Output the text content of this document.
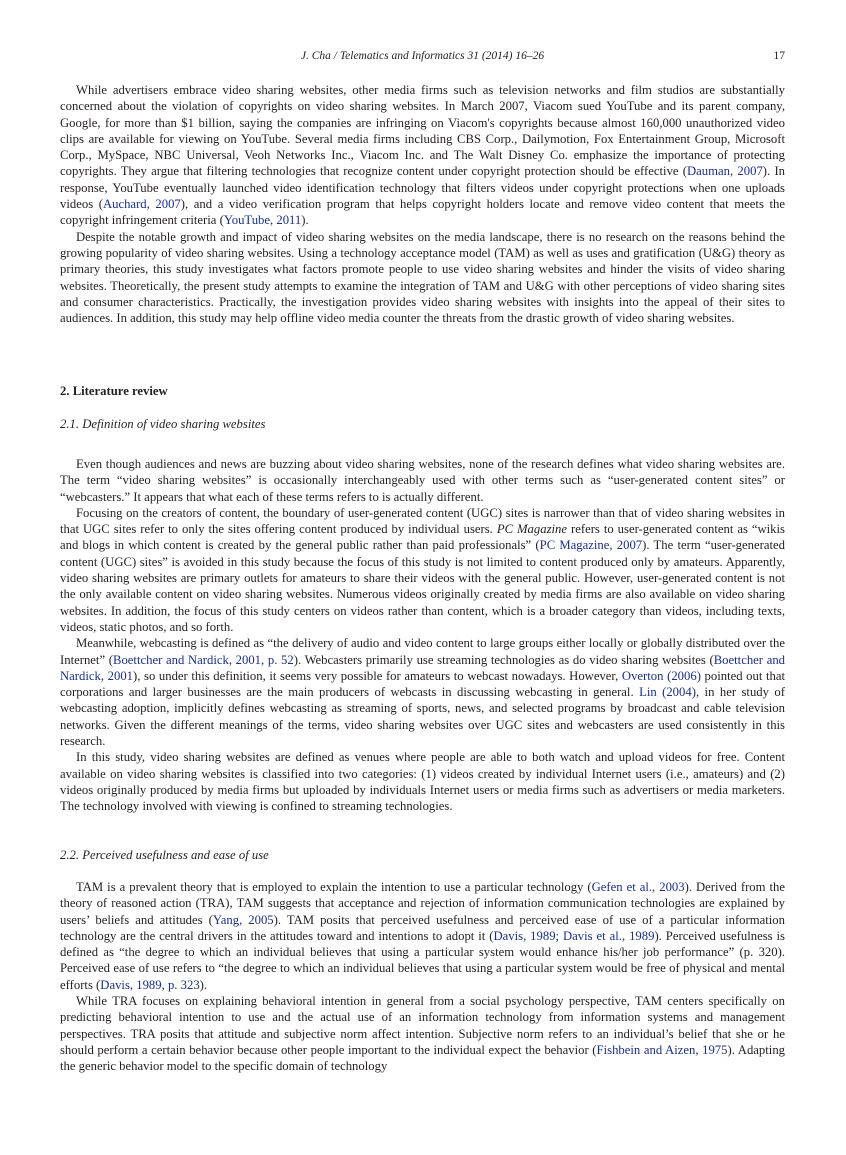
J. Cha / Telematics and Informatics 31 (2014) 16–26	17

While advertisers embrace video sharing websites, other media firms such as television networks and film studios are substantially concerned about the violation of copyrights on video sharing websites. In March 2007, Viacom sued YouTube and its parent company, Google, for more than $1 billion, saying the companies are infringing on Viacom's copyrights because almost 160,000 unauthorized video clips are available for viewing on YouTube. Several media firms including CBS Corp., Dailymotion, Fox Entertainment Group, Microsoft Corp., MySpace, NBC Universal, Veoh Networks Inc., Viacom Inc. and The Walt Disney Co. emphasize the importance of protecting copyrights. They argue that filtering technologies that recognize content under copyright protection should be effective (Dauman, 2007). In response, YouTube eventually launched video identification technology that filters videos under copyright protections when one uploads videos (Auchard, 2007), and a video verification program that helps copyright holders locate and remove video content that meets the copyright infringement criteria (YouTube, 2011).

Despite the notable growth and impact of video sharing websites on the media landscape, there is no research on the reasons behind the growing popularity of video sharing websites. Using a technology acceptance model (TAM) as well as uses and gratification (U&G) theory as primary theories, this study investigates what factors promote people to use video sharing websites and hinder the visits of video sharing websites. Theoretically, the present study attempts to examine the integration of TAM and U&G with other perceptions of video sharing sites and consumer characteristics. Practically, the investigation provides video sharing websites with insights into the appeal of their sites to audiences. In addition, this study may help offline video media counter the threats from the drastic growth of video sharing websites.

2. Literature review
2.1. Definition of video sharing websites

Even though audiences and news are buzzing about video sharing websites, none of the research defines what video sharing websites are. The term “video sharing websites” is occasionally interchangeably used with other terms such as “user-generated content sites” or “webcasters.” It appears that what each of these terms refers to is actually different.

Focusing on the creators of content, the boundary of user-generated content (UGC) sites is narrower than that of video sharing websites in that UGC sites refer to only the sites offering content produced by individual users. PC Magazine refers to user-generated content as “wikis and blogs in which content is created by the general public rather than paid professionals” (PC Magazine, 2007). The term “user-generated content (UGC) sites” is avoided in this study because the focus of this study is not limited to content produced only by amateurs. Apparently, video sharing websites are primary outlets for amateurs to share their videos with the general public. However, user-generated content is not the only available content on video sharing websites. Numerous videos originally created by media firms are also available on video sharing websites. In addition, the focus of this study centers on videos rather than content, which is a broader category than videos, including texts, videos, static photos, and so forth.

Meanwhile, webcasting is defined as “the delivery of audio and video content to large groups either locally or globally distributed over the Internet” (Boettcher and Nardick, 2001, p. 52). Webcasters primarily use streaming technologies as do video sharing websites (Boettcher and Nardick, 2001), so under this definition, it seems very possible for amateurs to webcast nowadays. However, Overton (2006) pointed out that corporations and larger businesses are the main producers of webcasts in discussing webcasting in general. Lin (2004), in her study of webcasting adoption, implicitly defines webcasting as streaming of sports, news, and selected programs by broadcast and cable television networks. Given the different meanings of the terms, video sharing websites over UGC sites and webcasters are used consistently in this research.

In this study, video sharing websites are defined as venues where people are able to both watch and upload videos for free. Content available on video sharing websites is classified into two categories: (1) videos created by individual Internet users (i.e., amateurs) and (2) videos originally produced by media firms but uploaded by individuals Internet users or media firms such as advertisers or media marketers. The technology involved with viewing is confined to streaming technologies.

2.2. Perceived usefulness and ease of use

TAM is a prevalent theory that is employed to explain the intention to use a particular technology (Gefen et al., 2003). Derived from the theory of reasoned action (TRA), TAM suggests that acceptance and rejection of information communication technologies are explained by users’ beliefs and attitudes (Yang, 2005). TAM posits that perceived usefulness and perceived ease of use of a particular information technology are the central drivers in the attitudes toward and intentions to adopt it (Davis, 1989; Davis et al., 1989). Perceived usefulness is defined as “the degree to which an individual believes that using a particular system would enhance his/her job performance” (p. 320). Perceived ease of use refers to “the degree to which an individual believes that using a particular system would be free of physical and mental efforts (Davis, 1989, p. 323).

While TRA focuses on explaining behavioral intention in general from a social psychology perspective, TAM centers specifically on predicting behavioral intention to use and the actual use of an information technology from information systems and management perspectives. TRA posits that attitude and subjective norm affect intention. Subjective norm refers to an individual’s belief that she or he should perform a certain behavior because other people important to the individual expect the behavior (Fishbein and Aizen, 1975). Adapting the generic behavior model to the specific domain of technology
